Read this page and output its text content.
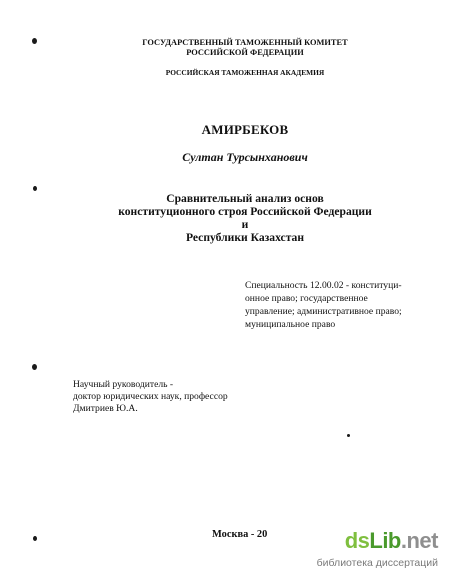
ГОСУДАРСТВЕННЫЙ ТАМОЖЕННЫЙ КОМИТЕТ
РОССИЙСКОЙ ФЕДЕРАЦИИ
РОССИЙСКАЯ ТАМОЖЕННАЯ АКАДЕМИЯ
АМИРБЕКОВ
Султан Турсынханович
Сравнительный анализ основ
конституционного строя Российской Федерации
и
Республики Казахстан
Специальность 12.00.02 - конституци-
онное право; государственное
управление; административное право;
муниципальное право
Научный руководитель -
доктор юридических наук, профессор
Дмитриев Ю.А.
Москва - 20	dsLib.net
библиотека диссертаций
